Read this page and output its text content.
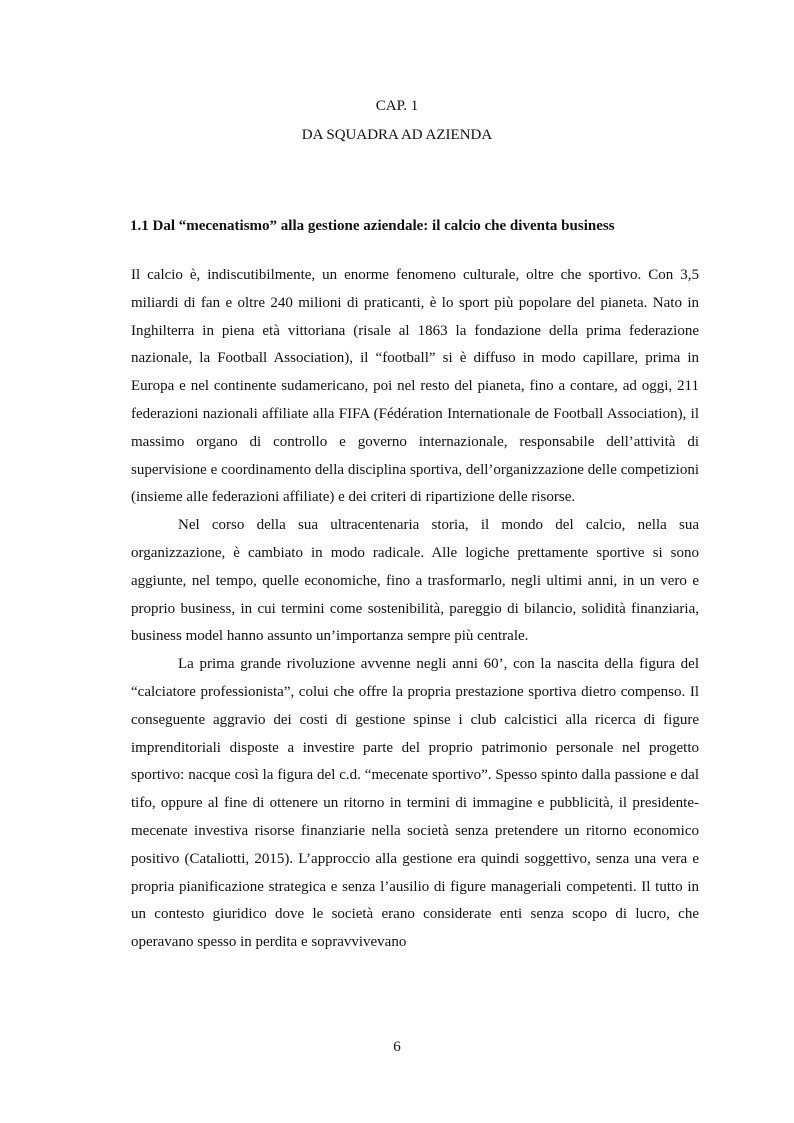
CAP. 1
DA SQUADRA AD AZIENDA
1.1 Dal “mecenatismo” alla gestione aziendale: il calcio che diventa business

Il calcio è, indiscutibilmente, un enorme fenomeno culturale, oltre che sportivo. Con 3,5 miliardi di fan e oltre 240 milioni di praticanti, è lo sport più popolare del pianeta. Nato in Inghilterra in piena età vittoriana (risale al 1863 la fondazione della prima federazione nazionale, la Football Association), il “football” si è diffuso in modo capillare, prima in Europa e nel continente sudamericano, poi nel resto del pianeta, fino a contare, ad oggi, 211 federazioni nazionali affiliate alla FIFA (Fédération Internationale de Football Association), il massimo organo di controllo e governo internazionale, responsabile dell’attività di supervisione e coordinamento della disciplina sportiva, dell’organizzazione delle competizioni (insieme alle federazioni affiliate) e dei criteri di ripartizione delle risorse.

Nel corso della sua ultracentenaria storia, il mondo del calcio, nella sua organizzazione, è cambiato in modo radicale. Alle logiche prettamente sportive si sono aggiunte, nel tempo, quelle economiche, fino a trasformarlo, negli ultimi anni, in un vero e proprio business, in cui termini come sostenibilità, pareggio di bilancio, solidità finanziaria, business model hanno assunto un’importanza sempre più centrale.

La prima grande rivoluzione avvenne negli anni 60’, con la nascita della figura del “calciatore professionista”, colui che offre la propria prestazione sportiva dietro compenso. Il conseguente aggravio dei costi di gestione spinse i club calcistici alla ricerca di figure imprenditoriali disposte a investire parte del proprio patrimonio personale nel progetto sportivo: nacque così la figura del c.d. “mecenate sportivo”. Spesso spinto dalla passione e dal tifo, oppure al fine di ottenere un ritorno in termini di immagine e pubblicità, il presidente-mecenate investiva risorse finanziarie nella società senza pretendere un ritorno economico positivo (Cataliotti, 2015). L’approccio alla gestione era quindi soggettivo, senza una vera e propria pianificazione strategica e senza l’ausilio di figure manageriali competenti. Il tutto in un contesto giuridico dove le società erano considerate enti senza scopo di lucro, che operavano spesso in perdita e sopravvivevano

6
